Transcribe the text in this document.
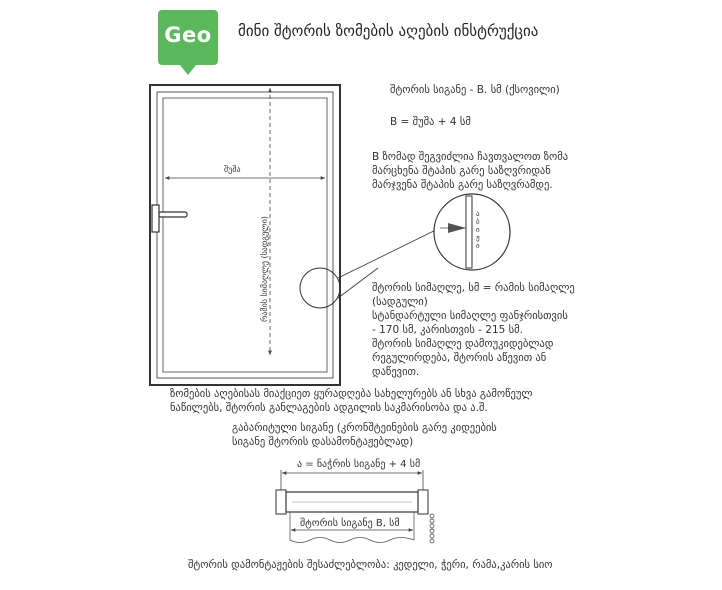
Geo	მინი შტორის ზომების აღების ინსტრუქცია
შუშა
რამის სიმაღლე (სადგული)
ა
ბ
ი
ჟ
ი
შტორის სიგანე - B. სმ (ქსოვილი)
B = შუშა + 4 სმ
B ზომად შეგვიძლია ჩავთვალოთ ზომა
მარცხენა შტაპის გარე საზღვრიდან
მარჯვენა შტაპის გარე საზღვრამდე.
შტორის სიმაღლე, სმ = რამის სიმაღლე
(სადგული)
სტანდარტული სიმაღლე ფანჯრისთვის
- 170 სმ, კარისთვის - 215 სმ.
შტორის სიმაღლე დამოუკიდებლად
რეგულირდება, შტორის აწევით ან
დაწევით.
ზომების აღებისას მიაქციეთ ყურადღება სახელურებს ან სხვა გამოწეულ
ნაწილებს, შტორის განლაგების ადგილის საკმარისობა და ა.შ.
გაბარიტული სიგანე (კრონშტეინების გარე კიდეების
სიგანე შტორის დასამონტაჟებლად)
ა = ნაჭრის სიგანე + 4 სმ
შტორის სიგანე B, სმ
შტორის დამონტაჟების შესაძლებლობა: კედელი, ჭერი, რამა,კარის სიო
